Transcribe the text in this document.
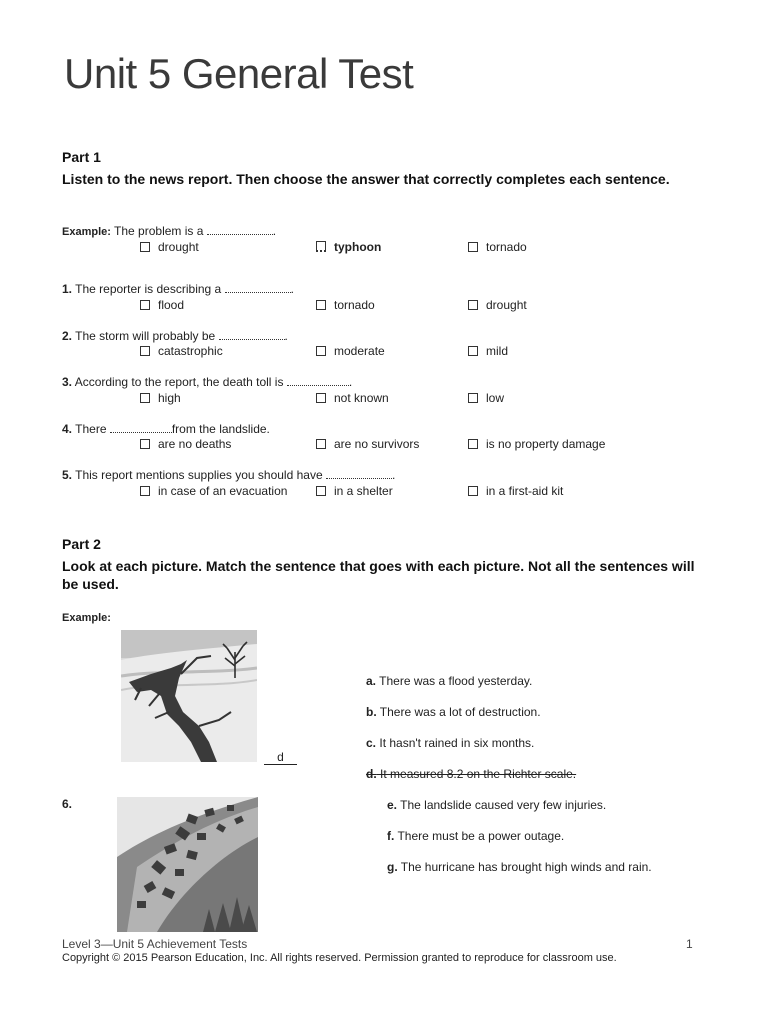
Unit 5 General Test
Part 1
Listen to the news report. Then choose the answer that correctly completes each sentence.
Example: The problem is a	.
drought	typhoon	tornado
1. The reporter is describing a	.
flood	tornado	drought
2. The storm will probably be	.
catastrophic	moderate	mild
3. According to the report, the death toll is	.
high	not known	low
4. There	from the landslide.
are no deaths	are no survivors	is no property damage
5. This report mentions supplies you should have	.
in case of an evacuation	in a shelter	in a first-aid kit
Part 2
Look at each picture. Match the sentence that goes with each picture. Not all the sentences will be used.
Example:
d
6.
a. There was a flood yesterday.
b. There was a lot of destruction.
c. It hasn't rained in six months.
d. It measured 8.2 on the Richter scale.
e. The landslide caused very few injuries.
f. There must be a power outage.
g. The hurricane has brought high winds and rain.
Level 3—Unit 5 Achievement Tests	1
Copyright © 2015 Pearson Education, Inc. All rights reserved. Permission granted to reproduce for classroom use.
